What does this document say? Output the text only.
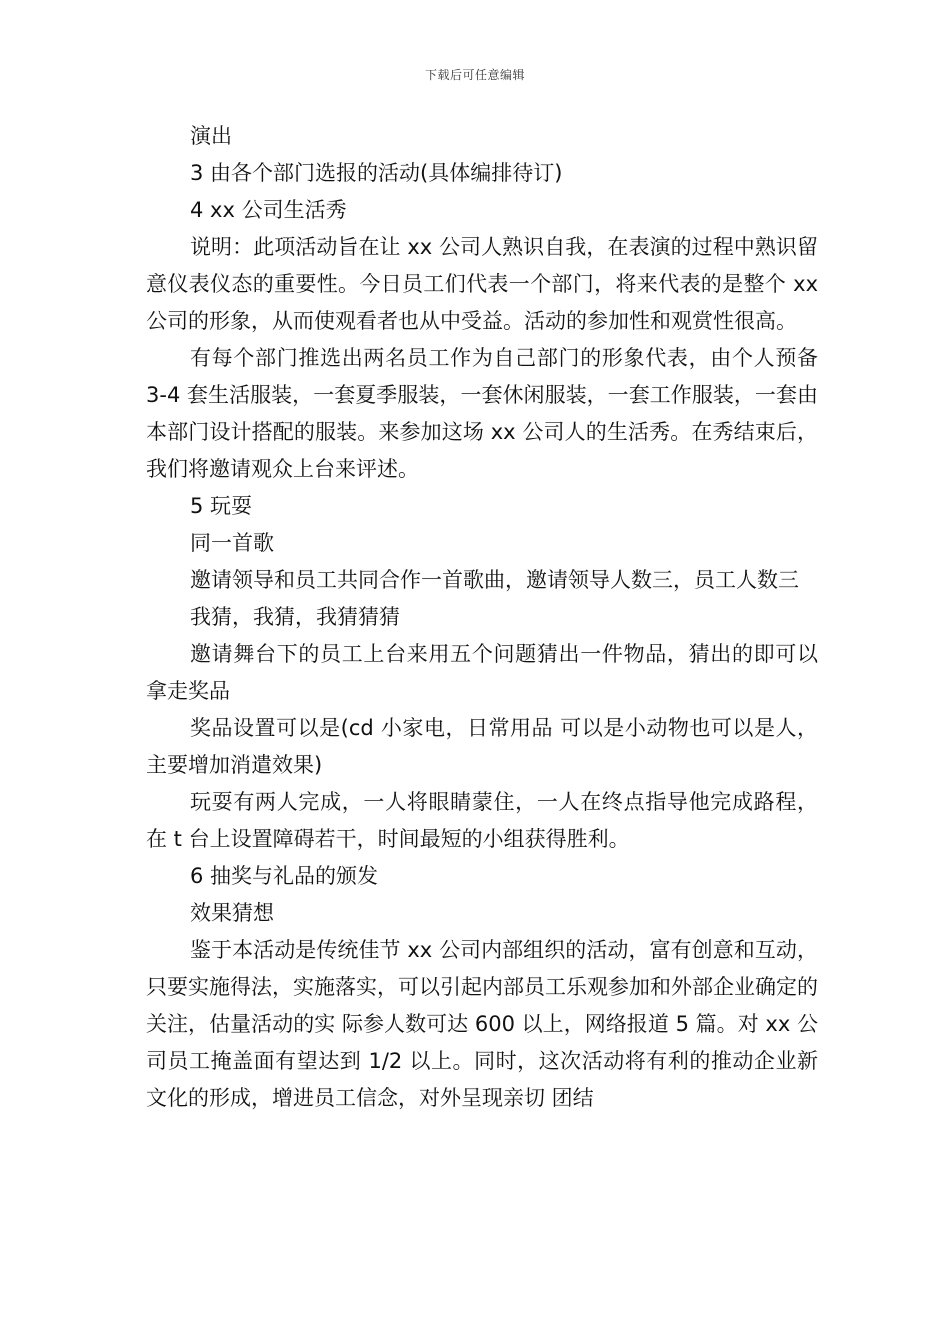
下载后可任意编辑

演出

3 由各个部门选报的活动(具体编排待订)

4 xx 公司生活秀

说明：此项活动旨在让 xx 公司人熟识自我，在表演的过程中熟识留意仪表仪态的重要性。今日员工们代表一个部门，将来代表的是整个 xx 公司的形象，从而使观看者也从中受益。活动的参加性和观赏性很高。

有每个部门推选出两名员工作为自己部门的形象代表，由个人预备 3-4 套生活服装，一套夏季服装，一套休闲服装，一套工作服装，一套由本部门设计搭配的服装。来参加这场 xx 公司人的生活秀。在秀结束后，我们将邀请观众上台来评述。

5 玩耍

同一首歌

邀请领导和员工共同合作一首歌曲，邀请领导人数三，员工人数三

我猜，我猜，我猜猜猜

邀请舞台下的员工上台来用五个问题猜出一件物品，猜出的即可以拿走奖品

奖品设置可以是(cd 小家电，日常用品 可以是小动物也可以是人，主要增加消遣效果)

玩耍有两人完成，一人将眼睛蒙住，一人在终点指导他完成路程，在 t 台上设置障碍若干，时间最短的小组获得胜利。

6 抽奖与礼品的颁发

效果猜想

鉴于本活动是传统佳节 xx 公司内部组织的活动，富有创意和互动，只要实施得法，实施落实，可以引起内部员工乐观参加和外部企业确定的关注，估量活动的实 际参人数可达 600 以上，网络报道 5 篇。对 xx 公司员工掩盖面有望达到 1/2 以上。同时，这次活动将有利的推动企业新文化的形成，增进员工信念，对外呈现亲切 团结
